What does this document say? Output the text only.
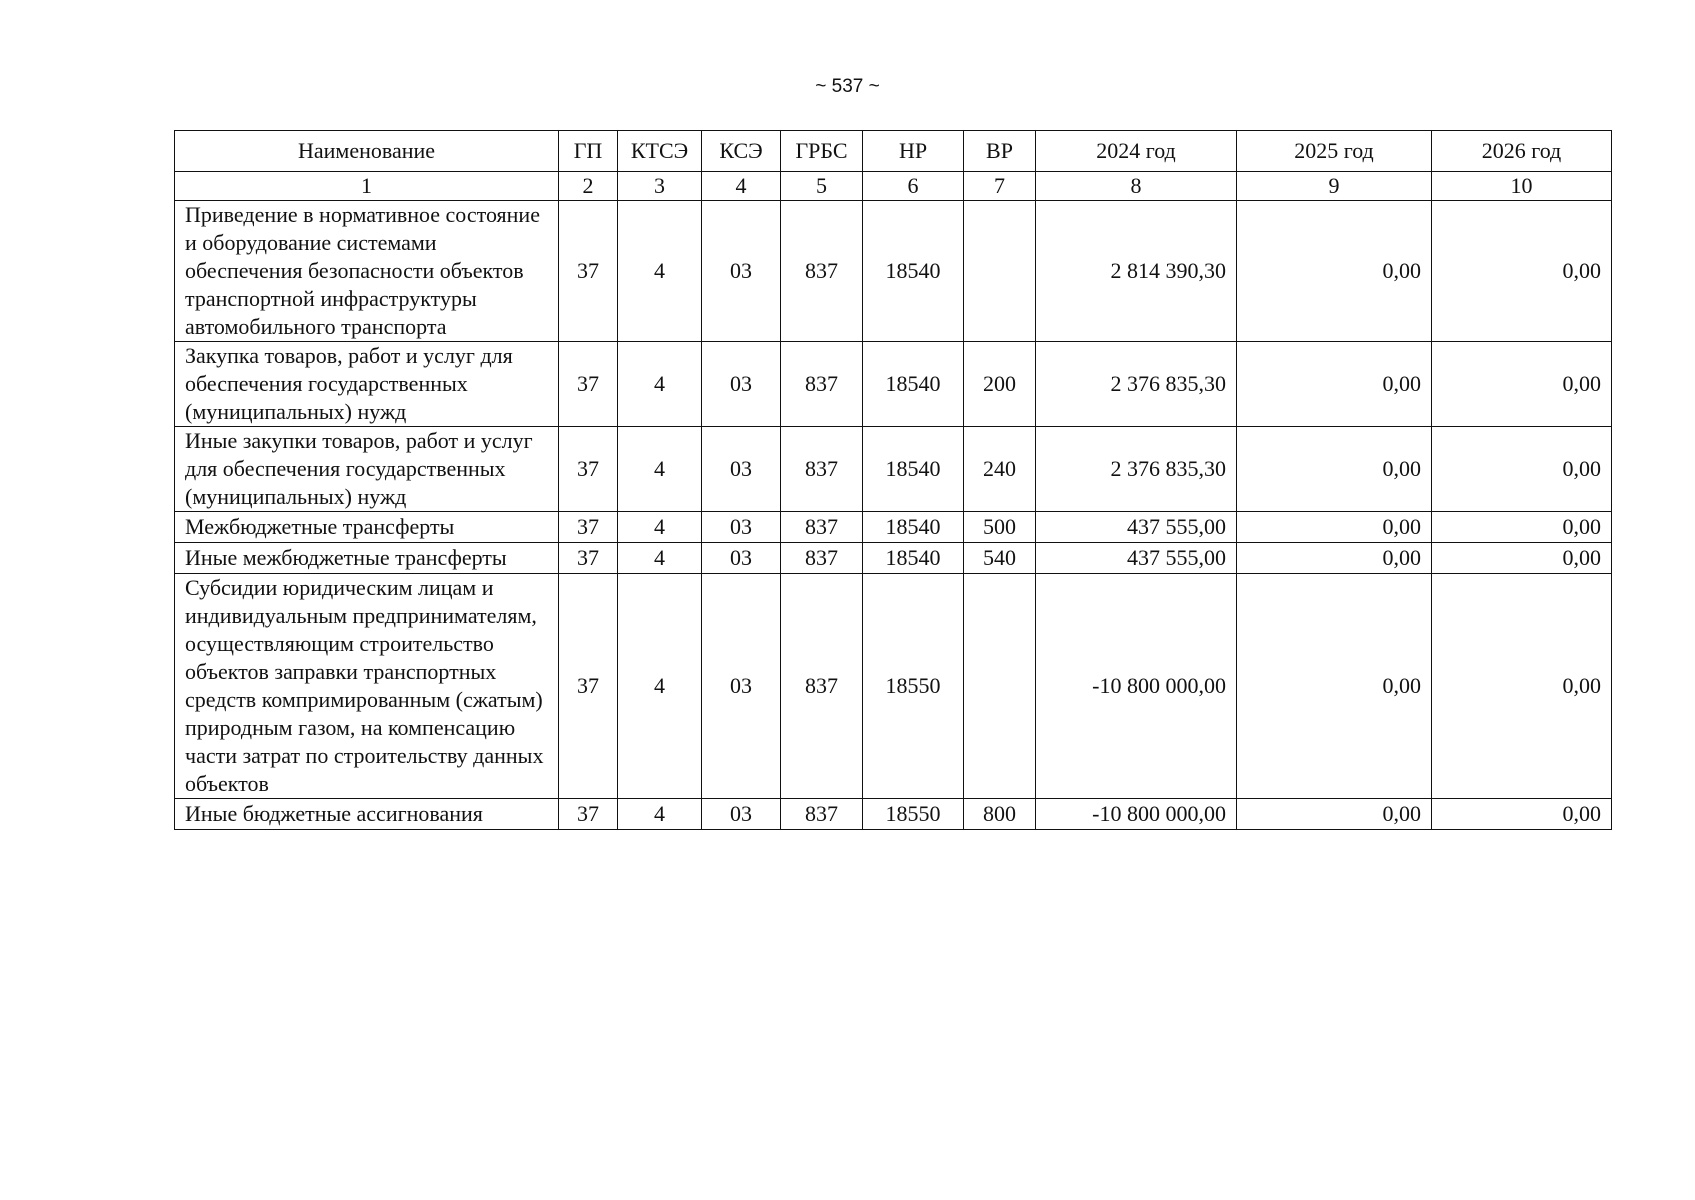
~ 537 ~
Наименование	ГП	КТСЭ	КСЭ	ГРБС	НР	ВР	2024 год	2025 год	2026 год
1	2	3	4	5	6	7	8	9	10
Приведение в нормативное состояние и оборудование системами обеспечения безопасности объектов транспортной инфраструктуры автомобильного транспорта	37	4	03	837	18540		2 814 390,30	0,00	0,00
Закупка товаров, работ и услуг для обеспечения государственных (муниципальных) нужд	37	4	03	837	18540	200	2 376 835,30	0,00	0,00
Иные закупки товаров, работ и услуг для обеспечения государственных (муниципальных) нужд	37	4	03	837	18540	240	2 376 835,30	0,00	0,00
Межбюджетные трансферты	37	4	03	837	18540	500	437 555,00	0,00	0,00
Иные межбюджетные трансферты	37	4	03	837	18540	540	437 555,00	0,00	0,00
Субсидии юридическим лицам и индивидуальным предпринимателям, осуществляющим строительство объектов заправки транспортных средств компримированным (сжатым) природным газом, на компенсацию части затрат по строительству данных объектов	37	4	03	837	18550		-10 800 000,00	0,00	0,00
Иные бюджетные ассигнования	37	4	03	837	18550	800	-10 800 000,00	0,00	0,00
